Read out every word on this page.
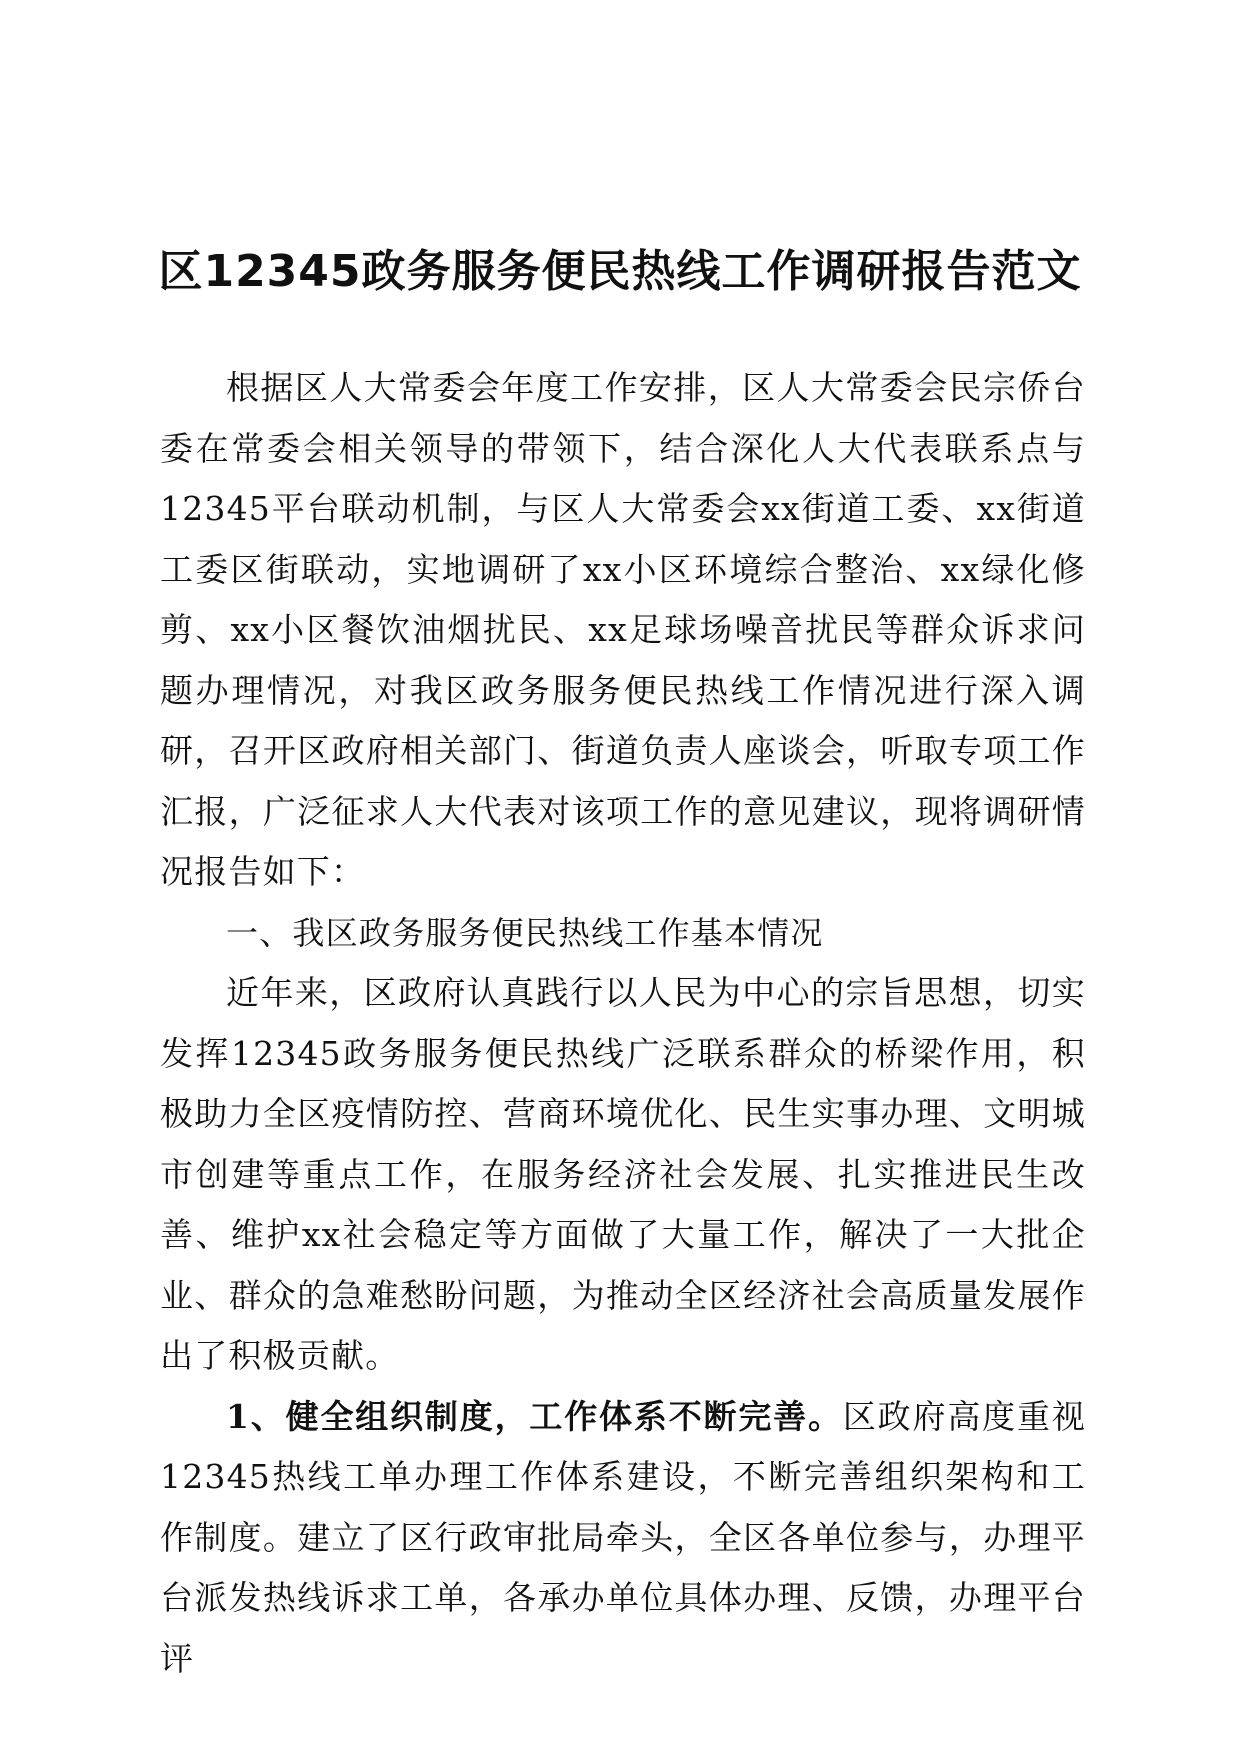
区12345政务服务便民热线工作调研报告范文

根据区人大常委会年度工作安排，区人大常委会民宗侨台委在常委会相关领导的带领下，结合深化人大代表联系点与12345平台联动机制，与区人大常委会xx街道工委、xx街道工委区街联动，实地调研了xx小区环境综合整治、xx绿化修剪、xx小区餐饮油烟扰民、xx足球场噪音扰民等群众诉求问题办理情况，对我区政务服务便民热线工作情况进行深入调研，召开区政府相关部门、街道负责人座谈会，听取专项工作汇报，广泛征求人大代表对该项工作的意见建议，现将调研情况报告如下：

一、我区政务服务便民热线工作基本情况

近年来，区政府认真践行以人民为中心的宗旨思想，切实发挥12345政务服务便民热线广泛联系群众的桥梁作用，积极助力全区疫情防控、营商环境优化、民生实事办理、文明城市创建等重点工作，在服务经济社会发展、扎实推进民生改善、维护xx社会稳定等方面做了大量工作，解决了一大批企业、群众的急难愁盼问题，为推动全区经济社会高质量发展作出了积极贡献。

1、健全组织制度，工作体系不断完善。区政府高度重视12345热线工单办理工作体系建设，不断完善组织架构和工作制度。建立了区行政审批局牵头，全区各单位参与，办理平台派发热线诉求工单，各承办单位具体办理、反馈，办理平台评
